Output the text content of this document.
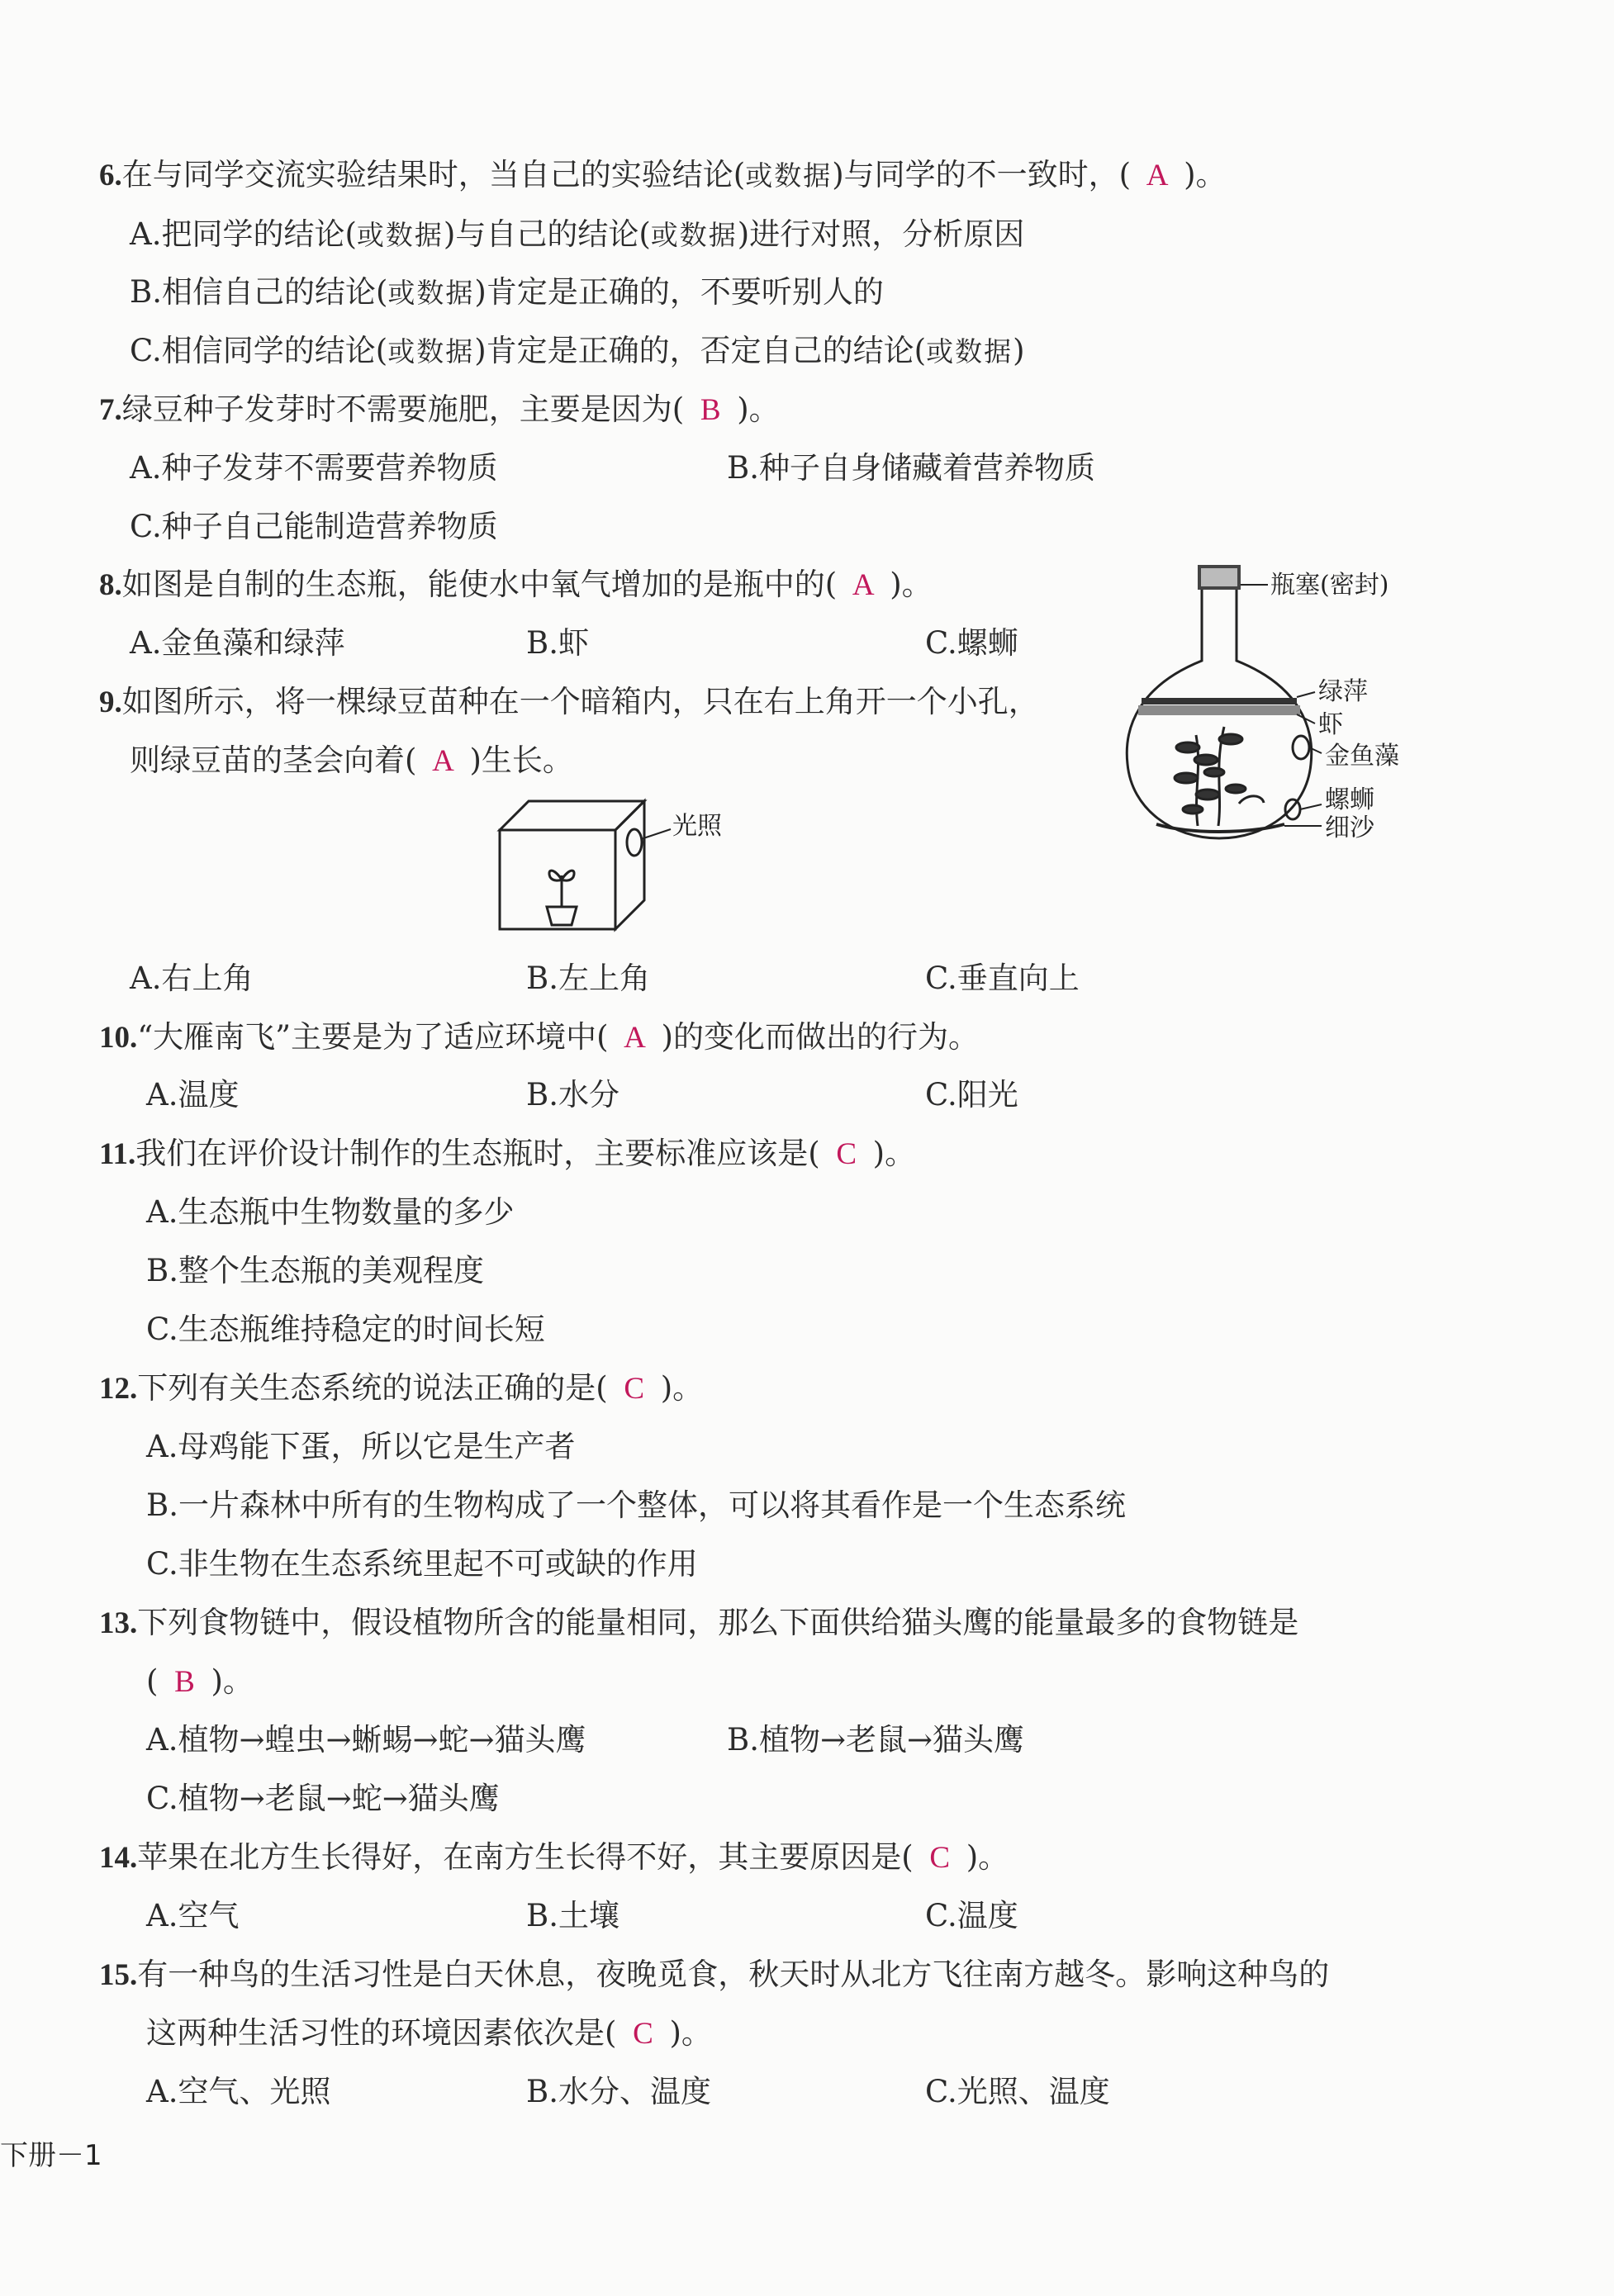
6.在与同学交流实验结果时，当自己的实验结论(或数据)与同学的不一致时，( A )。
A.把同学的结论(或数据)与自己的结论(或数据)进行对照，分析原因
B.相信自己的结论(或数据)肯定是正确的，不要听别人的
C.相信同学的结论(或数据)肯定是正确的，否定自己的结论(或数据)
7.绿豆种子发芽时不需要施肥，主要是因为( B )。
A.种子发芽不需要营养物质	B.种子自身储藏着营养物质
C.种子自己能制造营养物质
8.如图是自制的生态瓶，能使水中氧气增加的是瓶中的( A )。
A.金鱼藻和绿萍	B.虾	C.螺蛳
瓶塞(密封)
绿萍
虾
金鱼藻
螺蛳
细沙
9.如图所示，将一棵绿豆苗种在一个暗箱内，只在右上角开一个小孔，
则绿豆苗的茎会向着( A )生长。
光照
A.右上角	B.左上角	C.垂直向上
10.“大雁南飞”主要是为了适应环境中( A )的变化而做出的行为。
A.温度	B.水分	C.阳光
11.我们在评价设计制作的生态瓶时，主要标准应该是( C )。
A.生态瓶中生物数量的多少
B.整个生态瓶的美观程度
C.生态瓶维持稳定的时间长短
12.下列有关生态系统的说法正确的是( C )。
A.母鸡能下蛋，所以它是生产者
B.一片森林中所有的生物构成了一个整体，可以将其看作是一个生态系统
C.非生物在生态系统里起不可或缺的作用
13.下列食物链中，假设植物所含的能量相同，那么下面供给猫头鹰的能量最多的食物链是
( B )。
A.植物→蝗虫→蜥蜴→蛇→猫头鹰	B.植物→老鼠→猫头鹰
C.植物→老鼠→蛇→猫头鹰
14.苹果在北方生长得好，在南方生长得不好，其主要原因是( C )。
A.空气	B.土壤	C.温度
15.有一种鸟的生活习性是白天休息，夜晚觅食，秋天时从北方飞往南方越冬。影响这种鸟的
这两种生活习性的环境因素依次是( C )。
A.空气、光照	B.水分、温度	C.光照、温度
下册－1
